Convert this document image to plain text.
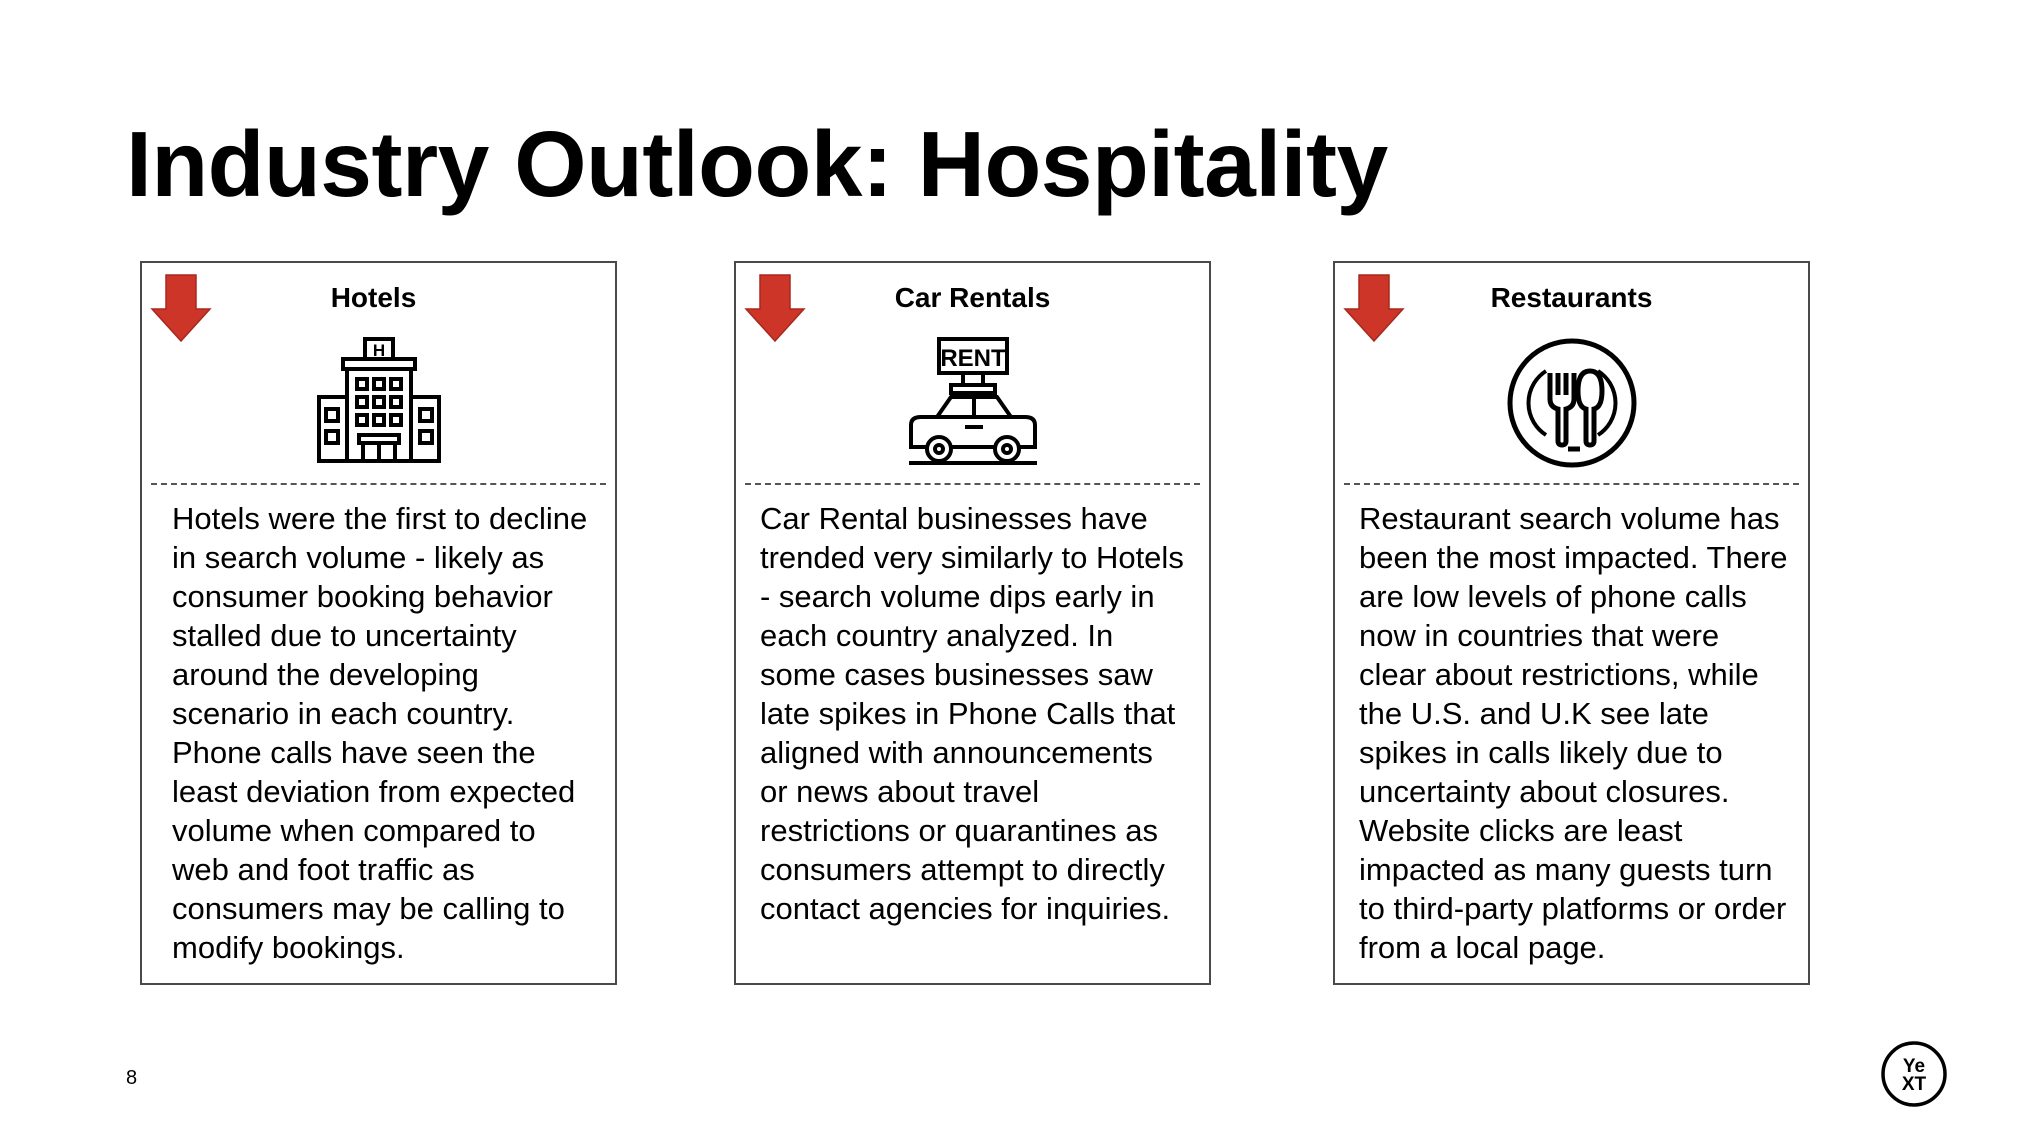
Industry Outlook: Hospitality
Hotels
H

Hotels were the first to decline in search volume - likely as consumer booking behavior stalled due to uncertainty around the developing scenario in each country. Phone calls have seen the least deviation from expected volume when compared to web and foot traffic as consumers may be calling to modify bookings.

Car Rentals
RENT

Car Rental businesses have trended very similarly to Hotels - search volume dips early in each country analyzed. In some cases businesses saw late spikes in Phone Calls that aligned with announcements or news about travel restrictions or quarantines as consumers attempt to directly contact agencies for inquiries.

Restaurants

Restaurant search volume has been the most impacted. There are low levels of phone calls now in countries that were clear about restrictions, while the U.S. and U.K see late spikes in calls likely due to uncertainty about closures. Website clicks are least impacted as many guests turn to third-party platforms or order from a local page.

8
Ye
XT
